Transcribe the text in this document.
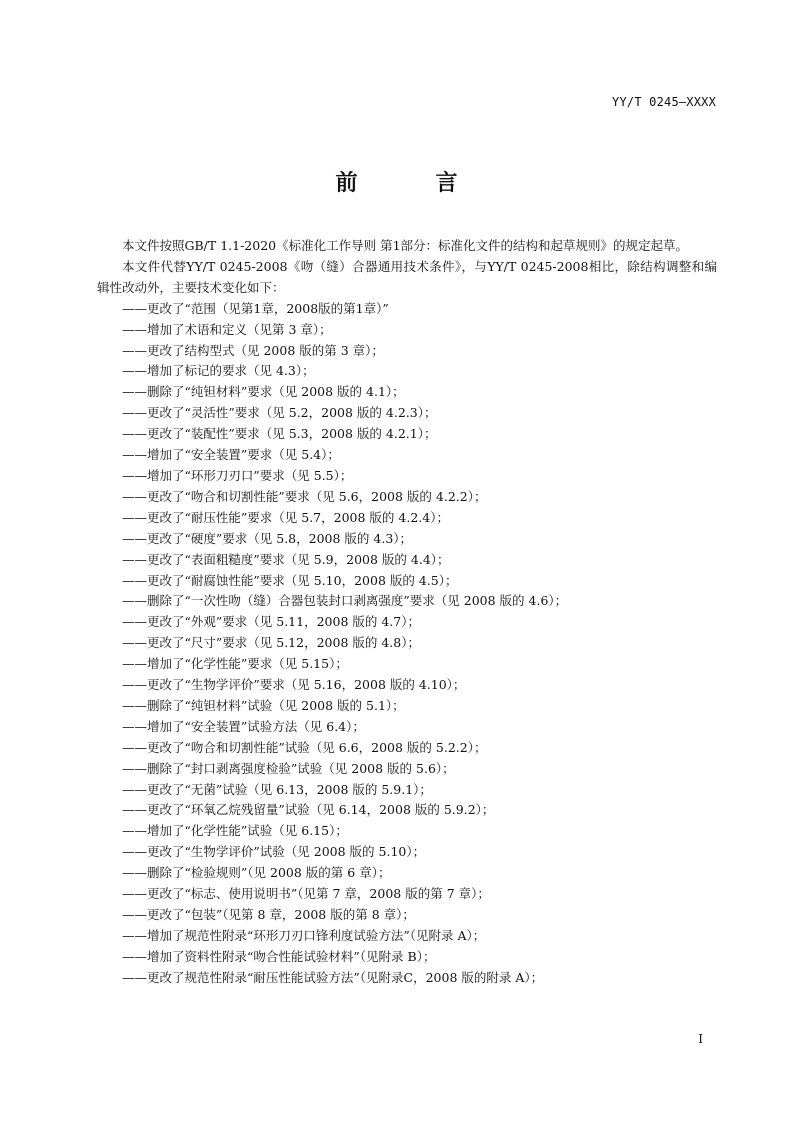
YY/T 0245—XXXX
前　言

本文件按照GB/T 1.1-2020《标准化工作导则 第1部分：标准化文件的结构和起草规则》的规定起草。

本文件代替YY/T 0245-2008《吻（缝）合器通用技术条件》，与YY/T 0245-2008相比，除结构调整和编辑性改动外，主要技术变化如下：

——更改了“范围（见第1章，2008版的第1章）”
——增加了术语和定义（见第 3 章）；
——更改了结构型式（见 2008 版的第 3 章）；
——增加了标记的要求（见 4.3）；
——删除了“纯钽材料”要求（见 2008 版的 4.1）；
——更改了“灵活性”要求（见 5.2，2008 版的 4.2.3）；
——更改了“装配性”要求（见 5.3，2008 版的 4.2.1）；
——增加了“安全装置”要求（见 5.4）；
——增加了“环形刀刃口”要求（见 5.5）；
——更改了“吻合和切割性能”要求（见 5.6，2008 版的 4.2.2）；
——更改了“耐压性能”要求（见 5.7，2008 版的 4.2.4）；
——更改了“硬度”要求（见 5.8，2008 版的 4.3）；
——更改了“表面粗糙度”要求（见 5.9，2008 版的 4.4）；
——更改了“耐腐蚀性能”要求（见 5.10，2008 版的 4.5）；
——删除了“一次性吻（缝）合器包装封口剥离强度”要求（见 2008 版的 4.6）；
——更改了“外观”要求（见 5.11，2008 版的 4.7）；
——更改了“尺寸”要求（见 5.12，2008 版的 4.8）；
——增加了“化学性能”要求（见 5.15）；
——更改了“生物学评价”要求（见 5.16，2008 版的 4.10）；
——删除了“纯钽材料”试验（见 2008 版的 5.1）；
——增加了“安全装置”试验方法（见 6.4）；
——更改了“吻合和切割性能”试验（见 6.6，2008 版的 5.2.2）；
——删除了“封口剥离强度检验”试验（见 2008 版的 5.6）；
——更改了“无菌”试验（见 6.13，2008 版的 5.9.1）；
——更改了“环氧乙烷残留量”试验（见 6.14，2008 版的 5.9.2）；
——增加了“化学性能”试验（见 6.15）；
——更改了“生物学评价”试验（见 2008 版的 5.10）；
——删除了“检验规则”（见 2008 版的第 6 章）；
——更改了“标志、使用说明书”（见第 7 章，2008 版的第 7 章）；
——更改了“包装”（见第 8 章，2008 版的第 8 章）；
——增加了规范性附录“环形刀刃口锋利度试验方法”（见附录 A）；
——增加了资料性附录“吻合性能试验材料”（见附录 B）；
——更改了规范性附录“耐压性能试验方法”（见附录C，2008 版的附录 A）；
I
